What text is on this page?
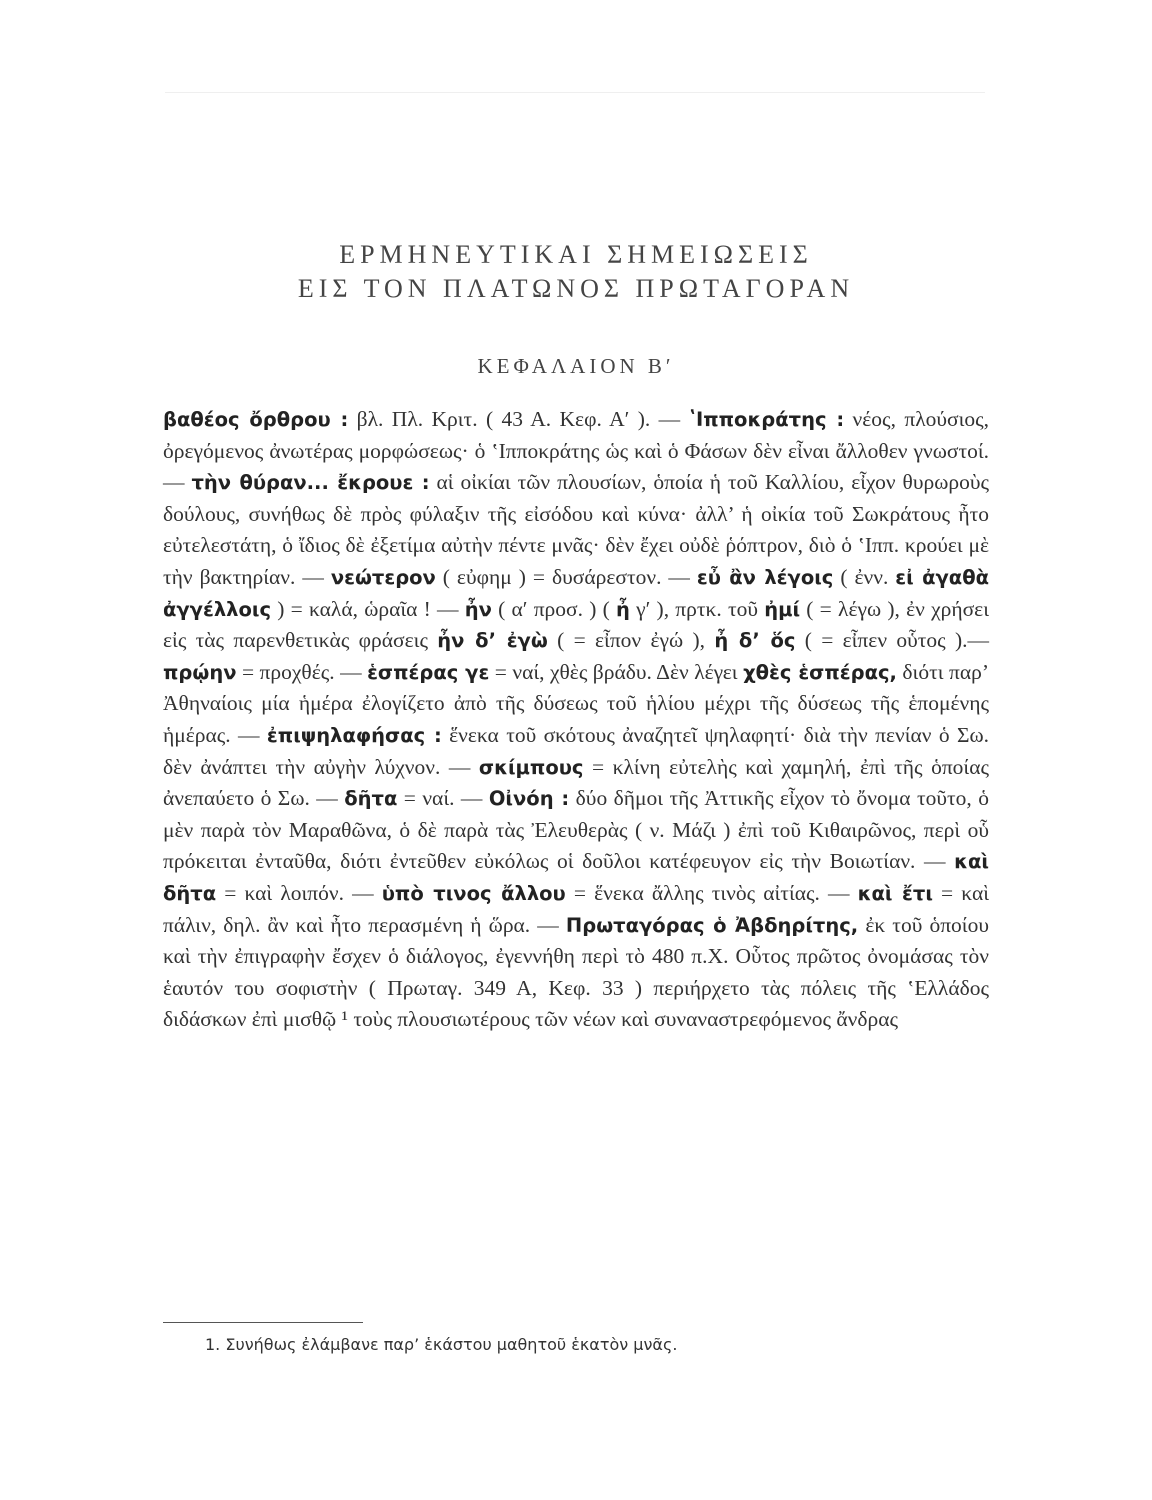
ΕΡΜΗΝΕΥΤΙΚΑΙ ΣΗΜΕΙΩΣΕΙΣ
ΕΙΣ ΤΟΝ ΠΛΑΤΩΝΟΣ ΠΡΩΤΑΓΟΡΑΝ
ΚΕΦΑΛΑΙΟΝ Β′
βαθέος ὄρθρου : βλ. Πλ. Κριτ. ( 43 Α. Κεφ. Α′ ). — ʽΙπποκράτης : νέος, πλούσιος, ὀρεγόμενος ἀνωτέρας μορφώσεως· ὁ ʽΙπποκράτης ὡς καὶ ὁ Φάσων δὲν εἶναι ἄλλοθεν γνωστοί. — τὴν θύραν... ἔκρουε : αἱ οἰκίαι τῶν πλουσίων, ὁποία ἡ τοῦ Καλλίου, εἶχον θυρωροὺς δούλους, συνήθως δὲ πρὸς φύλαξιν τῆς εἰσόδου καὶ κύνα· ἀλλ’ ἡ οἰκία τοῦ Σωκράτους ἦτο εὐτελεστάτη, ὁ ἴδιος δὲ ἐξετίμα αὐτὴν πέντε μνᾶς· δὲν ἔχει οὐδὲ ῥόπτρον, διὸ ὁ ʽΙππ. κρούει μὲ τὴν βακτηρίαν. — νεώτερον ( εὐφημ ) = δυσάρεστον. — εὖ ἂν λέγοις ( ἐνν. εἰ ἀγαθὰ ἀγγέλλοις ) = καλά, ὡραῖα ! — ἦν ( α′ προσ. ) ( ἦ γ′ ), πρτκ. τοῦ ἠμί ( = λέγω ), ἐν χρήσει εἰς τὰς παρενθετικὰς φράσεις ἦν δ’ ἐγὼ ( = εἶπον ἐγώ ), ἦ δ’ ὅς ( = εἶπεν οὗτος ).— πρῴην = προχθές. — ἑσπέρας γε = ναί, χθὲς βράδυ. Δὲν λέγει χθὲς ἑσπέρας, διότι παρ’ Ἀθηναίοις μία ἡμέρα ἐλογίζετο ἀπὸ τῆς δύσεως τοῦ ἡλίου μέχρι τῆς δύσεως τῆς ἑπομένης ἡμέρας. — ἐπιψηλαφήσας : ἕνεκα τοῦ σκότους ἀναζητεῖ ψηλαφητί· διὰ τὴν πενίαν ὁ Σω. δὲν ἀνάπτει τὴν αὐγὴν λύχνον. — σκίμπους = κλίνη εὐτελὴς καὶ χαμηλή, ἐπὶ τῆς ὁποίας ἀνεπαύετο ὁ Σω. — δῆτα = ναί. — Οἰνόη : δύο δῆμοι τῆς Ἀττικῆς εἶχον τὸ ὄνομα τοῦτο, ὁ μὲν παρὰ τὸν Μαραθῶνα, ὁ δὲ παρὰ τὰς Ἐλευθερὰς ( ν. Μάζι ) ἐπὶ τοῦ Κιθαιρῶνος, περὶ οὗ πρόκειται ἐνταῦθα, διότι ἐντεῦθεν εὐκόλως οἱ δοῦλοι κατέφευγον εἰς τὴν Βοιωτίαν. — καὶ δῆτα = καὶ λοιπόν. — ὑπὸ τινος ἄλλου = ἕνεκα ἄλλης τινὸς αἰτίας. — καὶ ἔτι = καὶ πάλιν, δηλ. ἂν καὶ ἦτο περασμένη ἡ ὥρα. — Πρωταγόρας ὁ Ἀβδηρίτης, ἐκ τοῦ ὁποίου καὶ τὴν ἐπιγραφὴν ἔσχεν ὁ διάλογος, ἐγεννήθη περὶ τὸ 480 π.Χ. Οὗτος πρῶτος ὀνομάσας τὸν ἑαυτόν του σοφιστὴν ( Πρωταγ. 349 Α, Κεφ. 33 ) περιήρχετο τὰς πόλεις τῆς ʽΕλλάδος διδάσκων ἐπὶ μισθῷ ¹ τοὺς πλουσιωτέρους τῶν νέων καὶ συναναστρεφόμενος ἄνδρας
1. Συνήθως ἐλάμβανε παρ’ ἑκάστου μαθητοῦ ἑκατὸν μνᾶς.
